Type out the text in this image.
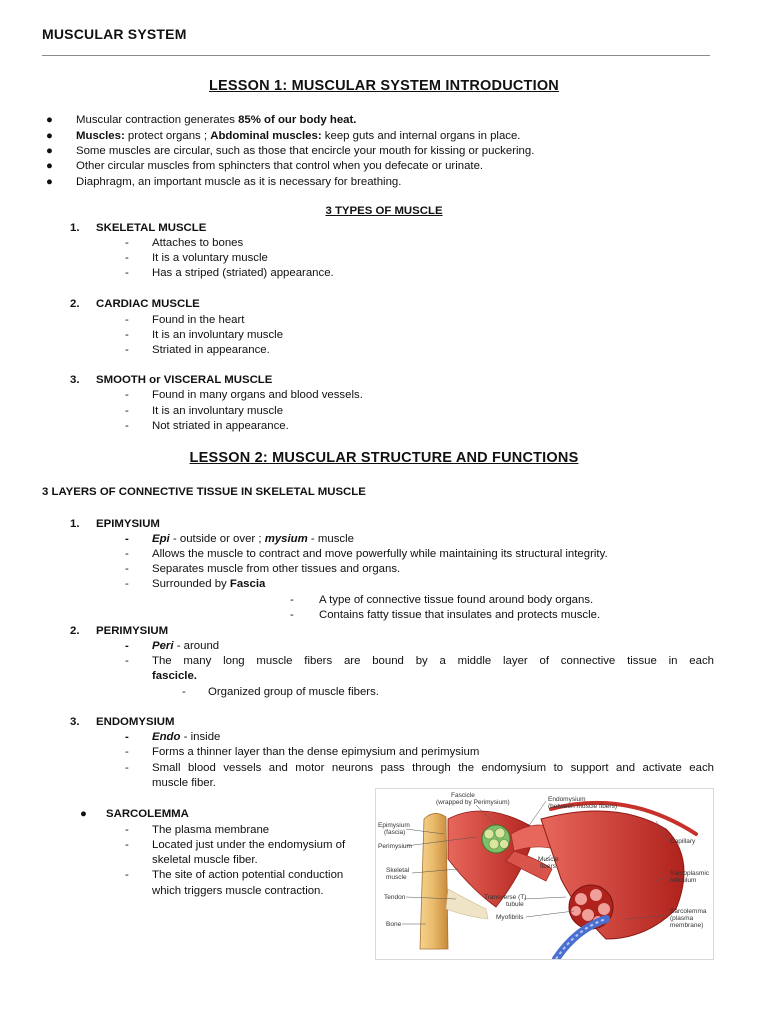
MUSCULAR SYSTEM
LESSON 1: MUSCULAR SYSTEM INTRODUCTION
● Muscular contraction generates 85% of our body heat.
● Muscles: protect organs ; Abdominal muscles: keep guts and internal organs in place.
● Some muscles are circular, such as those that encircle your mouth for kissing or puckering.
● Other circular muscles from sphincters that control when you defecate or urinate.
● Diaphragm, an important muscle as it is necessary for breathing.
3 TYPES OF MUSCLE
1. SKELETAL MUSCLE
- Attaches to bones
- It is a voluntary muscle
- Has a striped (striated) appearance.
2. CARDIAC MUSCLE
- Found in the heart
- It is an involuntary muscle
- Striated in appearance.
3. SMOOTH or VISCERAL MUSCLE
- Found in many organs and blood vessels.
- It is an involuntary muscle
- Not striated in appearance.
LESSON 2: MUSCULAR STRUCTURE AND FUNCTIONS
3 LAYERS OF CONNECTIVE TISSUE IN SKELETAL MUSCLE
1. EPIMYSIUM
- Epi - outside or over ; mysium - muscle
- Allows the muscle to contract and move powerfully while maintaining its structural integrity.
- Separates muscle from other tissues and organs.
- Surrounded by Fascia
- A type of connective tissue found around body organs.
- Contains fatty tissue that insulates and protects muscle.
2. PERIMYSIUM
- Peri - around
- The many long muscle fibers are bound by a middle layer of connective tissue in each
fascicle.
- Organized group of muscle fibers.
3. ENDOMYSIUM
- Endo - inside
- Forms a thinner layer than the dense epimysium and perimysium
- Small blood vessels and motor neurons pass through the endomysium to support and activate each
muscle fiber.
● SARCOLEMMA
- The plasma membrane
- Located just under the endomysium of
skeletal muscle fiber.
- The site of action potential conduction
which triggers muscle contraction.
Fascicle
(wrapped by Perimysium)	Endomysium
(between muscle fibers)
Epimysium
(fascia)
Perimysium
Skeletal
muscle
Tendon
Bone
Muscle
fibers
Transverse (T)
tubule
Myofibrils
Capillary
Sarcoplasmic
reticulum
Sarcolemma
(plasma
membrane)
